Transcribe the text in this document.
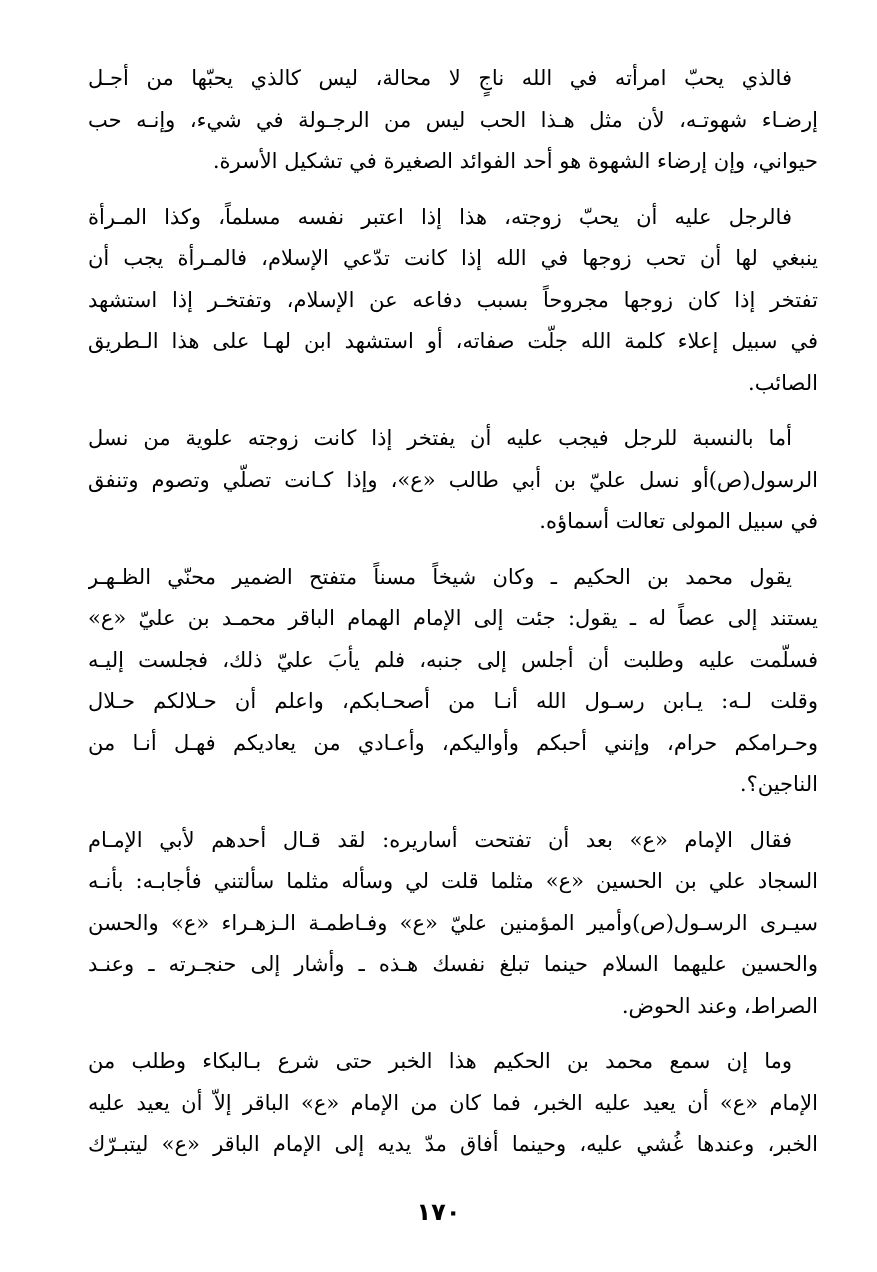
فالذي يحبّ امرأته في الله ناجٍ لا محالة، ليس كالذي يحبّها من أجـل
إرضـاء شهوتـه، لأن مثل هـذا الحب ليس من الرجـولة في شيء، وإنـه حب
حيواني، وإن إرضاء الشهوة هو أحد الفوائد الصغيرة في تشكيل الأسرة.
فالرجل عليه أن يحبّ زوجته، هذا إذا اعتبر نفسه مسلماً، وكذا المـرأة
ينبغي لها أن تحب زوجها في الله إذا كانت تدّعي الإسلام، فالمـرأة يجب أن
تفتخر إذا كان زوجها مجروحاً بسبب دفاعه عن الإسلام، وتفتخـر إذا استشهد
في سبيل إعلاء كلمة الله جلّت صفاته، أو استشهد ابن لهـا على هذا الـطريق
الصائب.
أما بالنسبة للرجل فيجب عليه أن يفتخر إذا كانت زوجته علوية من نسل
الرسول(ص)أو نسل عليّ بن أبي طالب «ع»، وإذا كـانت تصلّي وتصوم وتنفق
في سبيل المولى تعالت أسماؤه.
يقول محمد بن الحكيم ـ وكان شيخاً مسناً متفتح الضمير محنّي الظـهـر
يستند إلى عصاً له ـ يقول: جئت إلى الإمام الهمام الباقر محمـد بن عليّ «ع»
فسلّمت عليه وطلبت أن أجلس إلى جنبه، فلم يأبَ عليّ ذلك، فجلست إليـه
وقلت لـه: يـابن رسـول الله أنـا من أصحـابكم، واعلم أن حـلالكم حـلال
وحـرامكم حرام، وإنني أحبكم وأواليكم، وأعـادي من يعاديكم فهـل أنـا من
الناجين؟.
فقال الإمام «ع» بعد أن تفتحت أساريره: لقد قـال أحدهم لأبي الإمـام
السجاد علي بن الحسين «ع» مثلما قلت لي وسأله مثلما سألتني فأجابـه: بأنـه
سيـرى الرسـول(ص)وأمير المؤمنين عليّ «ع» وفـاطمـة الـزهـراء «ع» والحسن
والحسين عليهما السلام حينما تبلغ نفسك هـذه ـ وأشار إلى حنجـرته ـ وعنـد
الصراط، وعند الحوض.
وما إن سمع محمد بن الحكيم هذا الخبر حتى شرع بـالبكاء وطلب من
الإمام «ع» أن يعيد عليه الخبر، فما كان من الإمام «ع» الباقر إلاّ أن يعيد عليه
الخبر، وعندها غُشي عليه، وحينما أفاق مدّ يديه إلى الإمام الباقر «ع» ليتبـرّك
١٧٠
